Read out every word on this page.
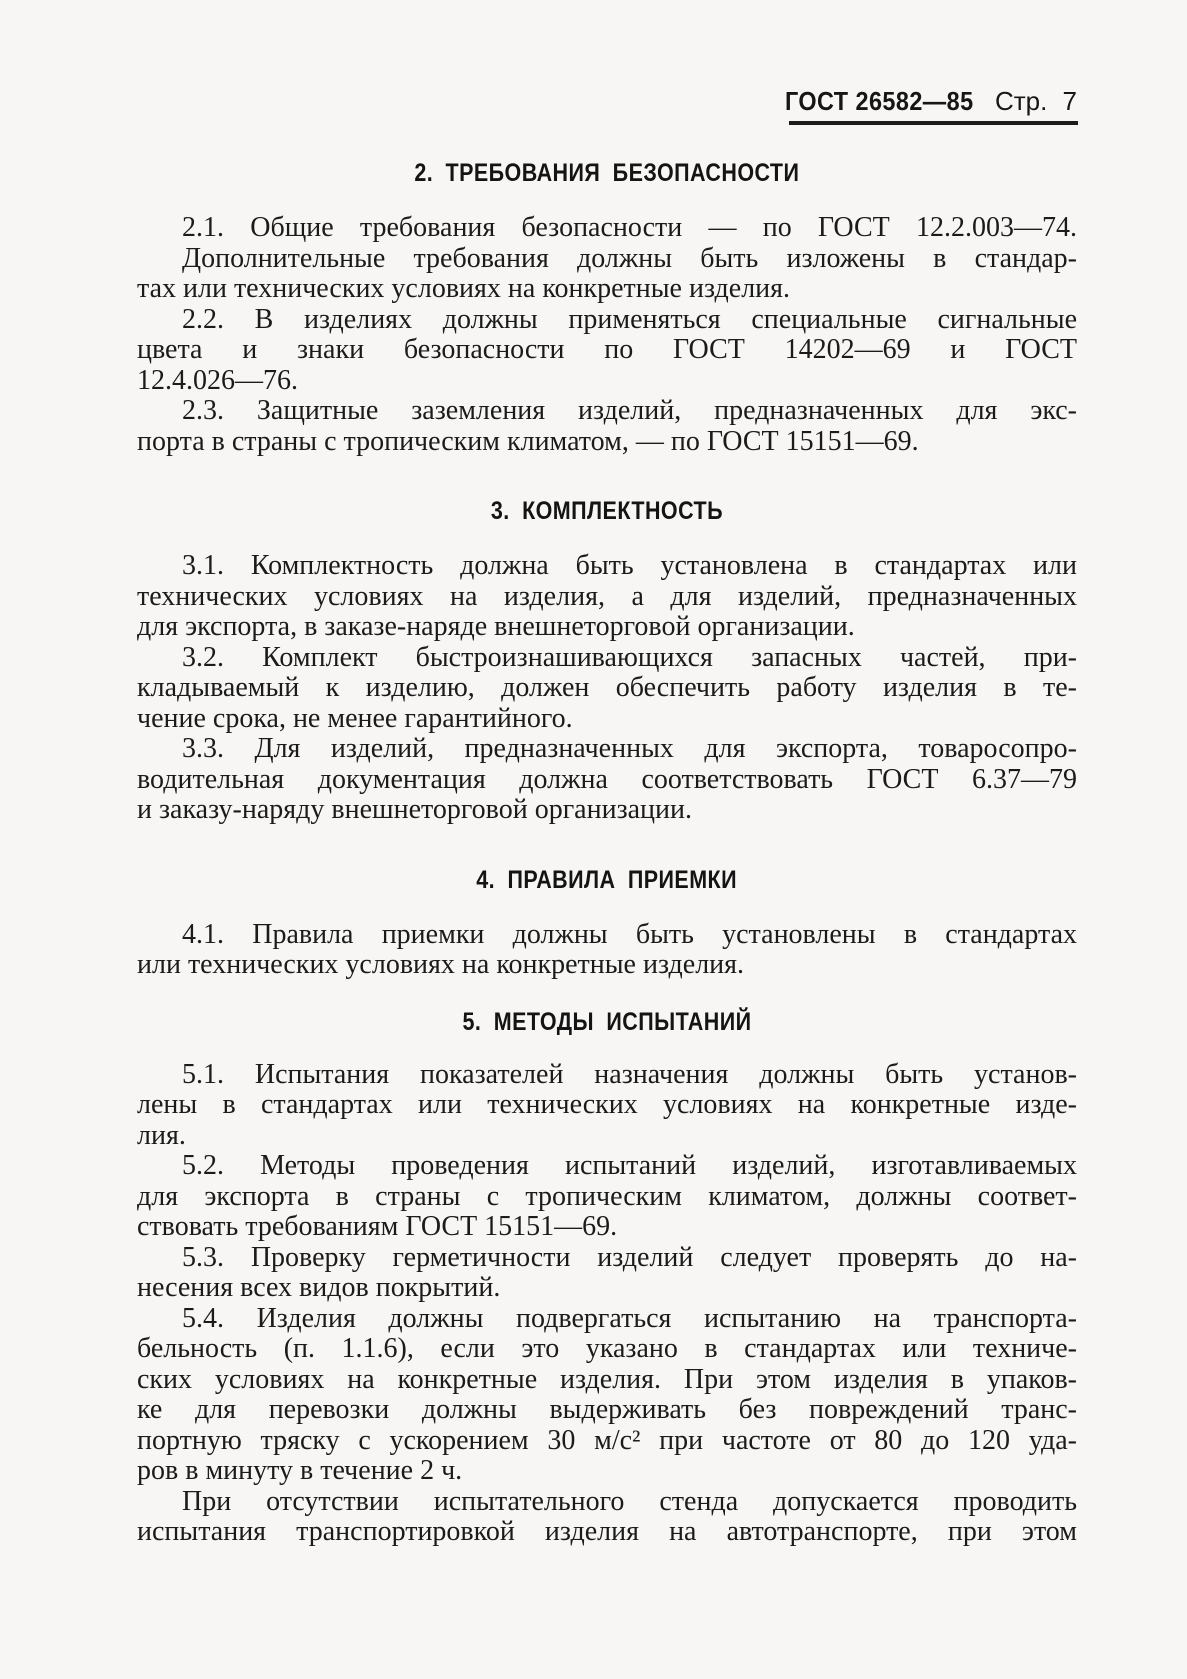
ГОСТ 26582—85 Стр. 7
2. ТРЕБОВАНИЯ БЕЗОПАСНОСТИ
2.1. Общие требования безопасности — по ГОСТ 12.2.003—74.
Дополнительные требования должны быть изложены в стандар-
тах или технических условиях на конкретные изделия.
2.2. В изделиях должны применяться специальные сигнальные
цвета и знаки безопасности по ГОСТ 14202—69 и ГОСТ
12.4.026—76.
2.3. Защитные заземления изделий, предназначенных для экс-
порта в страны с тропическим климатом, — по ГОСТ 15151—69.
3. КОМПЛЕКТНОСТЬ
3.1. Комплектность должна быть установлена в стандартах или
технических условиях на изделия, а для изделий, предназначенных
для экспорта, в заказе-наряде внешнеторговой организации.
3.2. Комплект быстроизнашивающихся запасных частей, при-
кладываемый к изделию, должен обеспечить работу изделия в те-
чение срока, не менее гарантийного.
3.3. Для изделий, предназначенных для экспорта, товаросопро-
водительная документация должна соответствовать ГОСТ 6.37—79
и заказу-наряду внешнеторговой организации.
4. ПРАВИЛА ПРИЕМКИ
4.1. Правила приемки должны быть установлены в стандартах
или технических условиях на конкретные изделия.
5. МЕТОДЫ ИСПЫТАНИЙ
5.1. Испытания показателей назначения должны быть установ-
лены в стандартах или технических условиях на конкретные изде-
лия.
5.2. Методы проведения испытаний изделий, изготавливаемых
для экспорта в страны с тропическим климатом, должны соответ-
ствовать требованиям ГОСТ 15151—69.
5.3. Проверку герметичности изделий следует проверять до на-
несения всех видов покрытий.
5.4. Изделия должны подвергаться испытанию на транспорта-
бельность (п. 1.1.6), если это указано в стандартах или техниче-
ских условиях на конкретные изделия. При этом изделия в упаков-
ке для перевозки должны выдерживать без повреждений транс-
портную тряску с ускорением 30 м/с² при частоте от 80 до 120 уда-
ров в минуту в течение 2 ч.
При отсутствии испытательного стенда допускается проводить
испытания транспортировкой изделия на автотранспорте, при этом
